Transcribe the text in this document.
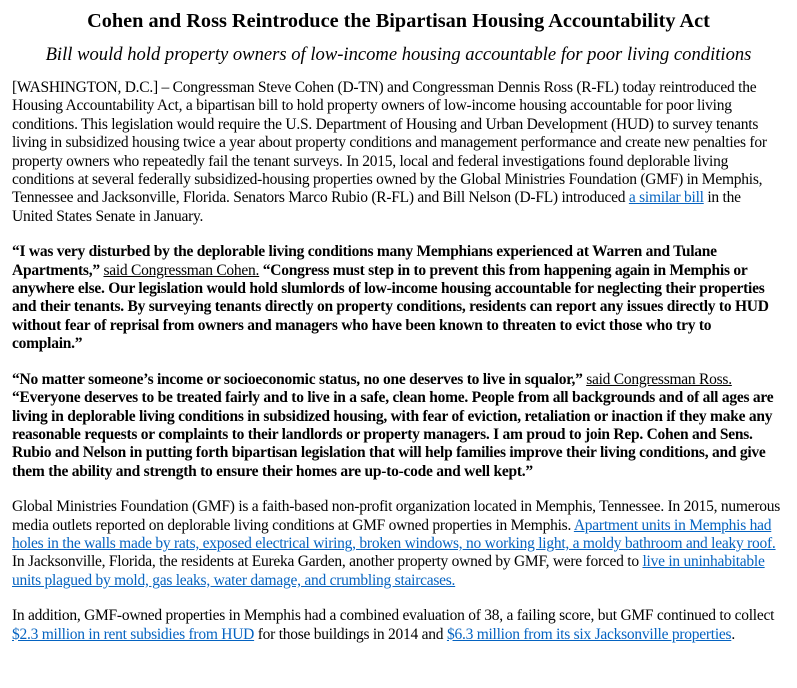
Cohen and Ross Reintroduce the Bipartisan Housing Accountability Act
Bill would hold property owners of low-income housing accountable for poor living conditions

[WASHINGTON, D.C.] – Congressman Steve Cohen (D-TN) and Congressman Dennis Ross (R-FL) today reintroduced the Housing Accountability Act, a bipartisan bill to hold property owners of low-income housing accountable for poor living conditions. This legislation would require the U.S. Department of Housing and Urban Development (HUD) to survey tenants living in subsidized housing twice a year about property conditions and management performance and create new penalties for property owners who repeatedly fail the tenant surveys. In 2015, local and federal investigations found deplorable living conditions at several federally subsidized-housing properties owned by the Global Ministries Foundation (GMF) in Memphis, Tennessee and Jacksonville, Florida. Senators Marco Rubio (R-FL) and Bill Nelson (D-FL) introduced a similar bill in the United States Senate in January.

“I was very disturbed by the deplorable living conditions many Memphians experienced at Warren and Tulane Apartments,” said Congressman Cohen. “Congress must step in to prevent this from happening again in Memphis or anywhere else. Our legislation would hold slumlords of low-income housing accountable for neglecting their properties and their tenants. By surveying tenants directly on property conditions, residents can report any issues directly to HUD without fear of reprisal from owners and managers who have been known to threaten to evict those who try to complain.”

“No matter someone’s income or socioeconomic status, no one deserves to live in squalor,” said Congressman Ross. “Everyone deserves to be treated fairly and to live in a safe, clean home. People from all backgrounds and of all ages are living in deplorable living conditions in subsidized housing, with fear of eviction, retaliation or inaction if they make any reasonable requests or complaints to their landlords or property managers. I am proud to join Rep. Cohen and Sens. Rubio and Nelson in putting forth bipartisan legislation that will help families improve their living conditions, and give them the ability and strength to ensure their homes are up-to-code and well kept.”

Global Ministries Foundation (GMF) is a faith-based non-profit organization located in Memphis, Tennessee. In 2015, numerous media outlets reported on deplorable living conditions at GMF owned properties in Memphis. Apartment units in Memphis had holes in the walls made by rats, exposed electrical wiring, broken windows, no working light, a moldy bathroom and leaky roof. In Jacksonville, Florida, the residents at Eureka Garden, another property owned by GMF, were forced to live in uninhabitable units plagued by mold, gas leaks, water damage, and crumbling staircases.

In addition, GMF-owned properties in Memphis had a combined evaluation of 38, a failing score, but GMF continued to collect $2.3 million in rent subsidies from HUD for those buildings in 2014 and $6.3 million from its six Jacksonville properties.
